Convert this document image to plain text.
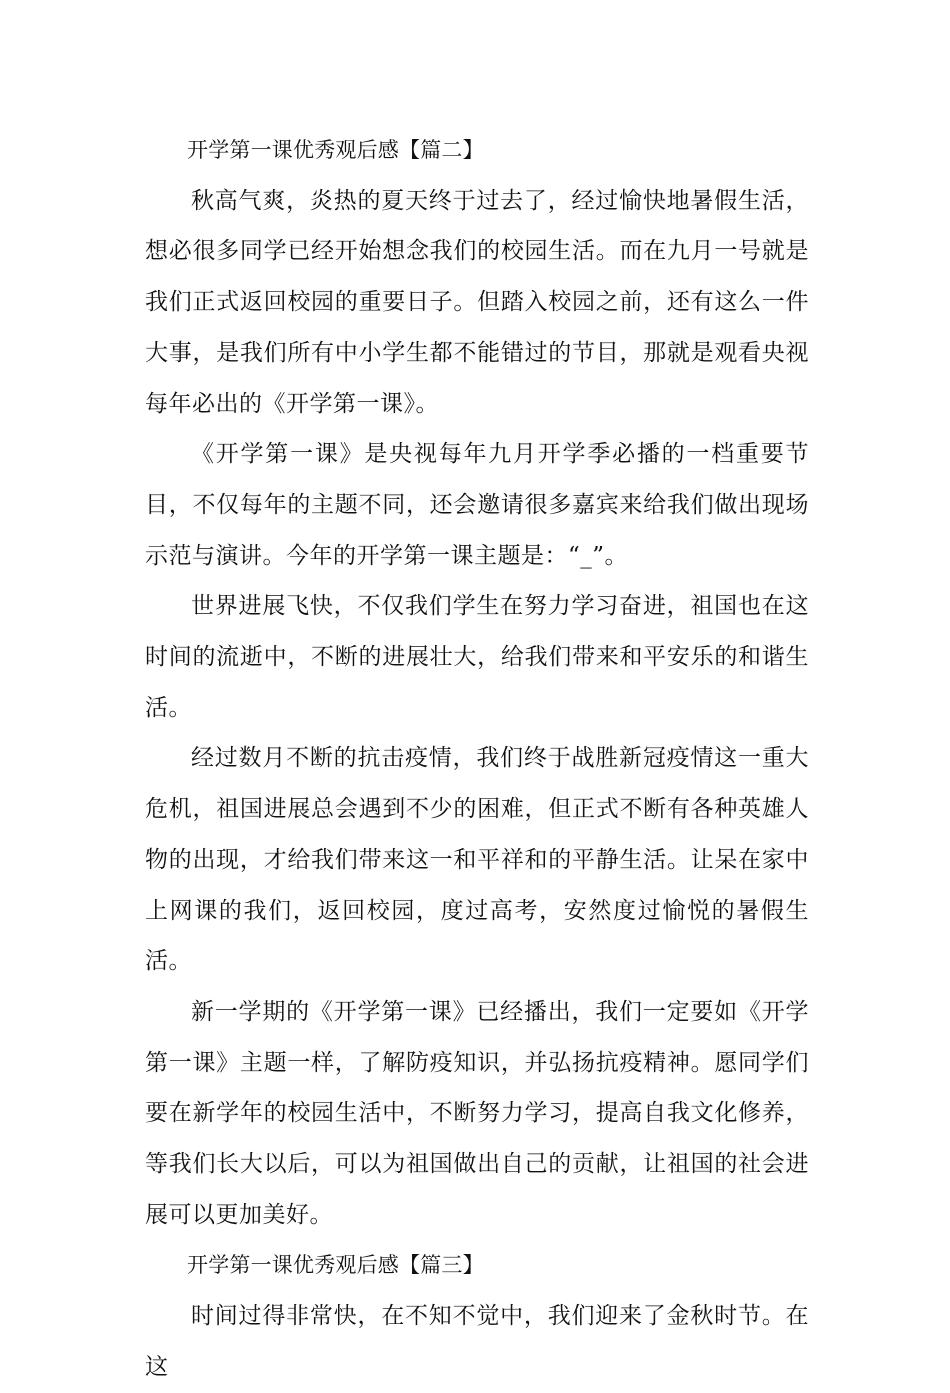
开学第一课优秀观后感【篇二】

秋高气爽，炎热的夏天终于过去了，经过愉快地暑假生活，想必很多同学已经开始想念我们的校园生活。而在九月一号就是我们正式返回校园的重要日子。但踏入校园之前，还有这么一件大事，是我们所有中小学生都不能错过的节目，那就是观看央视每年必出的《开学第一课》。

《开学第一课》是央视每年九月开学季必播的一档重要节目，不仅每年的主题不同，还会邀请很多嘉宾来给我们做出现场示范与演讲。今年的开学第一课主题是：“_”。

世界进展飞快，不仅我们学生在努力学习奋进，祖国也在这时间的流逝中，不断的进展壮大，给我们带来和平安乐的和谐生活。

经过数月不断的抗击疫情，我们终于战胜新冠疫情这一重大危机，祖国进展总会遇到不少的困难，但正式不断有各种英雄人物的出现，才给我们带来这一和平祥和的平静生活。让呆在家中上网课的我们，返回校园，度过高考，安然度过愉悦的暑假生活。

新一学期的《开学第一课》已经播出，我们一定要如《开学第一课》主题一样，了解防疫知识，并弘扬抗疫精神。愿同学们要在新学年的校园生活中，不断努力学习，提高自我文化修养，等我们长大以后，可以为祖国做出自己的贡献，让祖国的社会进展可以更加美好。

开学第一课优秀观后感【篇三】

时间过得非常快，在不知不觉中，我们迎来了金秋时节。在这
